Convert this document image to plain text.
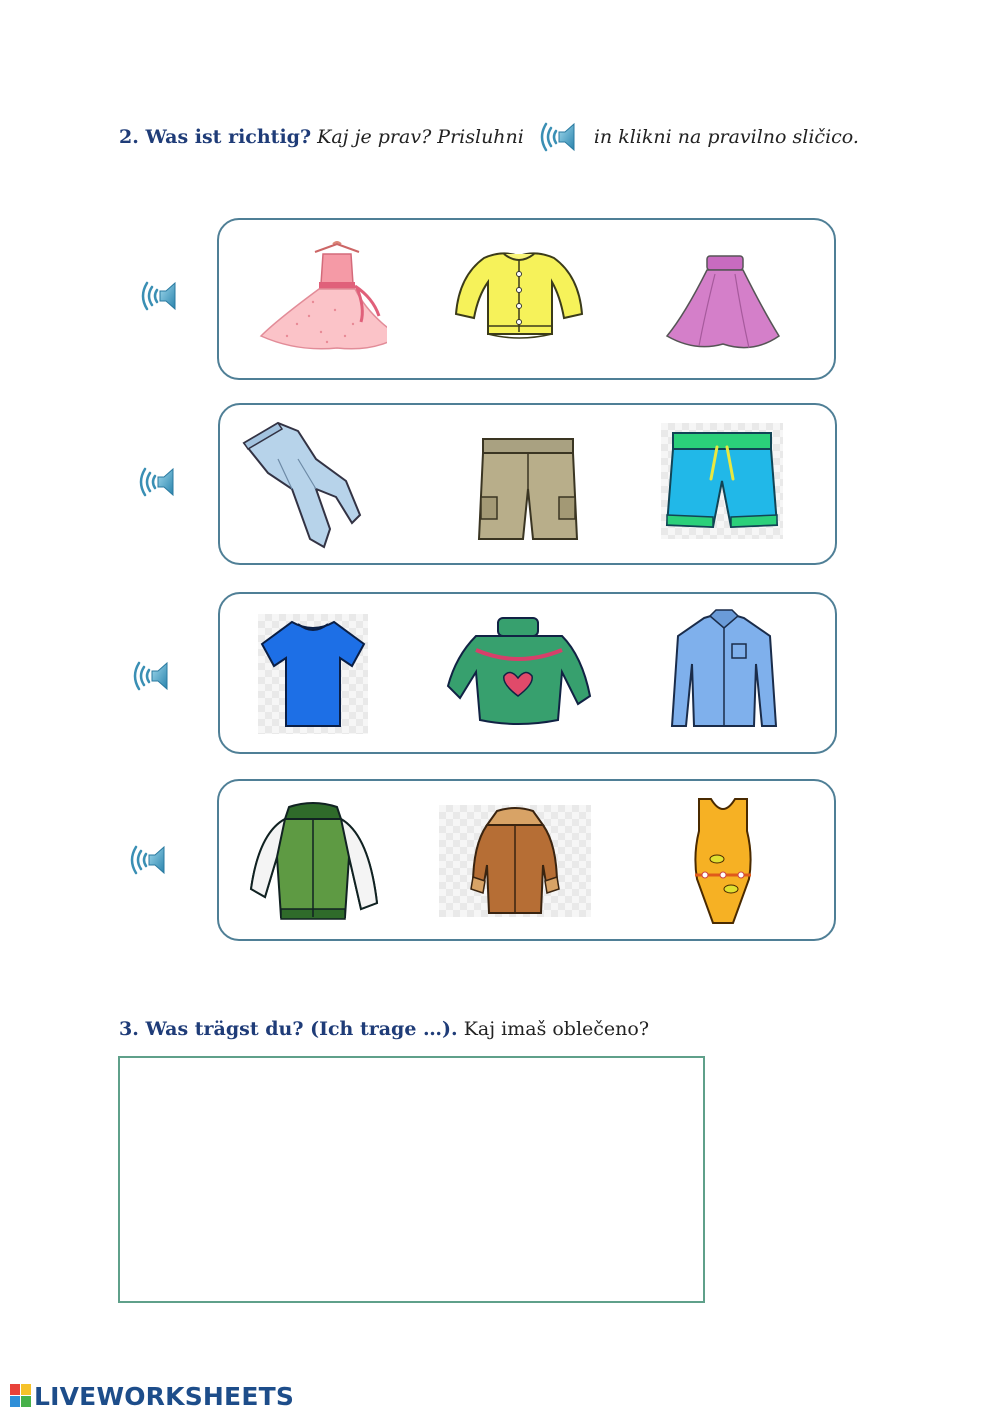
2. Was ist richtig?
Kaj je prav? Prisluhni	in klikni na pravilno sličico.
3. Was trägst du? (Ich trage …). Kaj imaš oblečeno?
LIVEWORKSHEETS
